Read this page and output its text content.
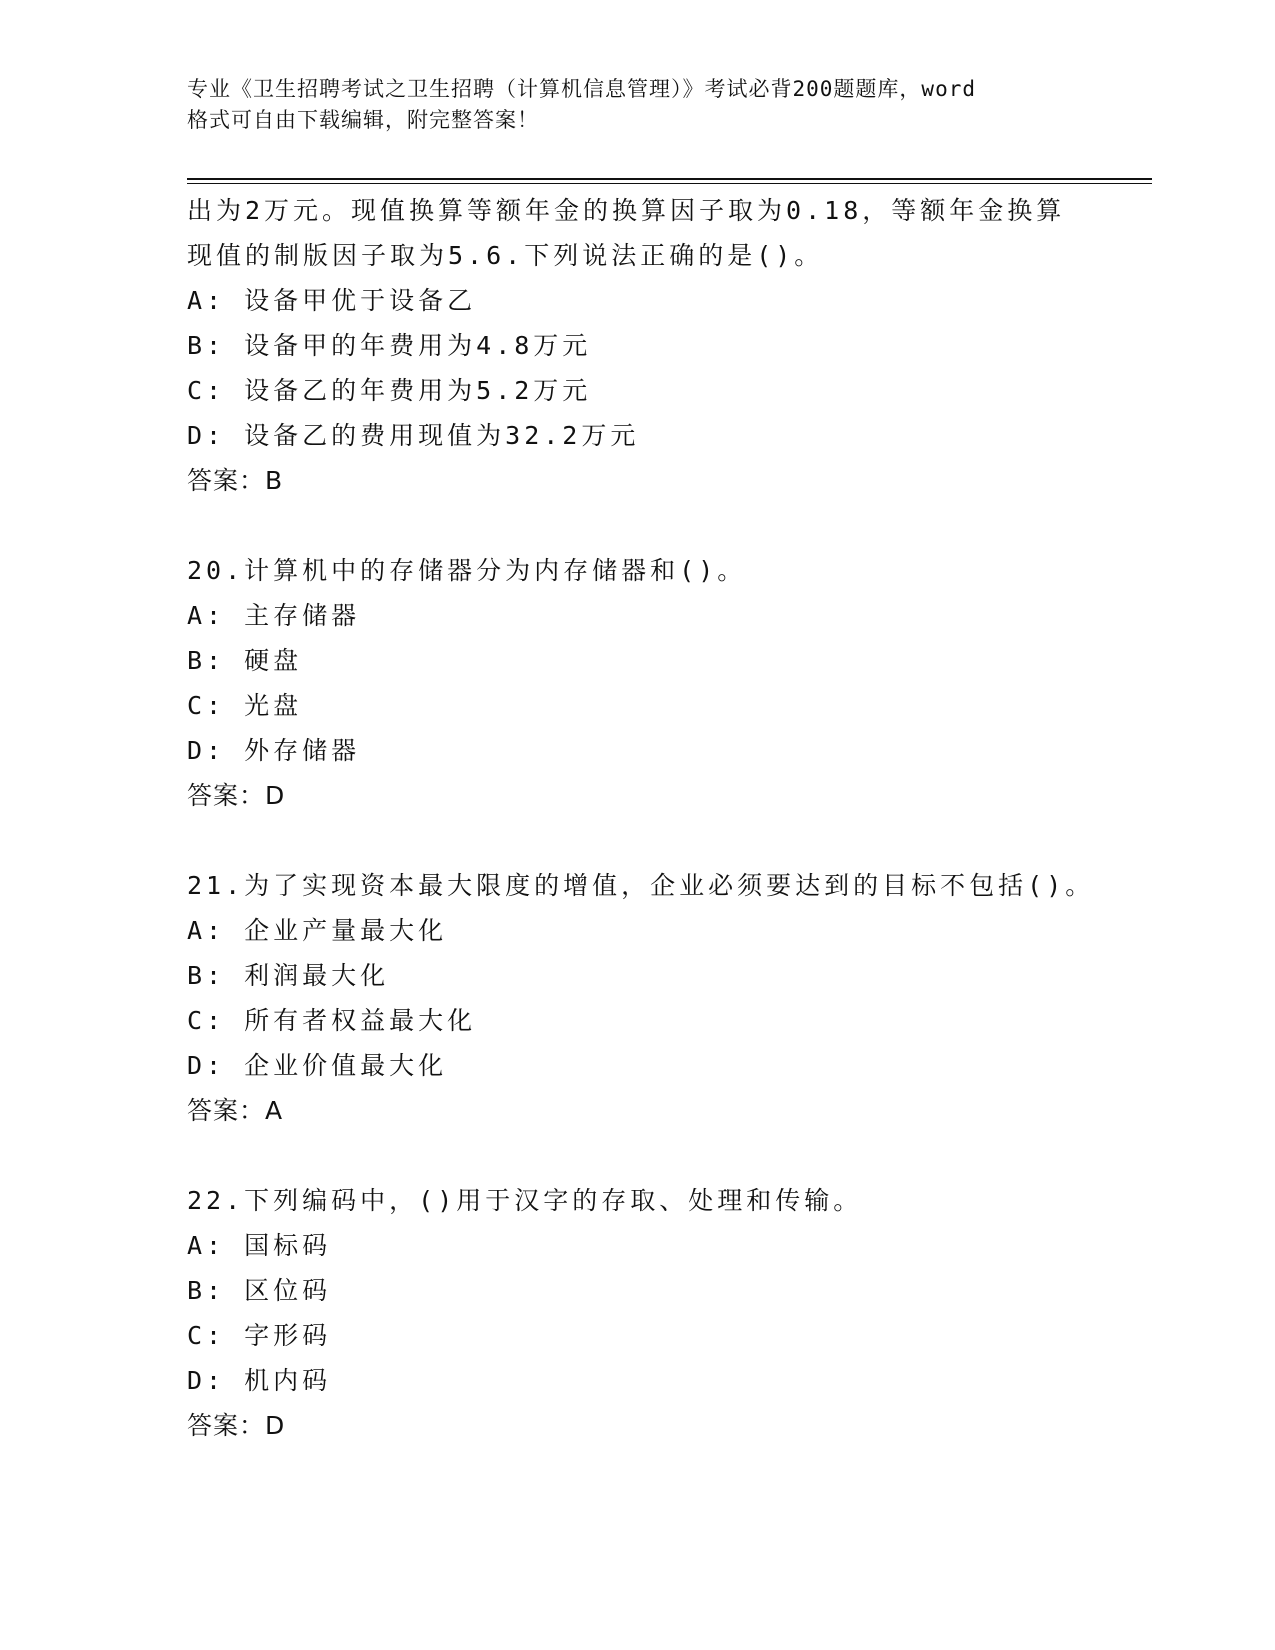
专业《卫生招聘考试之卫生招聘（计算机信息管理）》考试必背200题题库，word
格式可自由下载编辑，附完整答案！
出为2万元。现值换算等额年金的换算因子取为0.18，等额年金换算
现值的制版因子取为5.6.下列说法正确的是()。
A: 设备甲优于设备乙
B: 设备甲的年费用为4.8万元
C: 设备乙的年费用为5.2万元
D: 设备乙的费用现值为32.2万元
答案：B
20.计算机中的存储器分为内存储器和()。
A: 主存储器
B: 硬盘
C: 光盘
D: 外存储器
答案：D
21.为了实现资本最大限度的增值，企业必须要达到的目标不包括()。
A: 企业产量最大化
B: 利润最大化
C: 所有者权益最大化
D: 企业价值最大化
答案：A
22.下列编码中，()用于汉字的存取、处理和传输。
A: 国标码
B: 区位码
C: 字形码
D: 机内码
答案：D
